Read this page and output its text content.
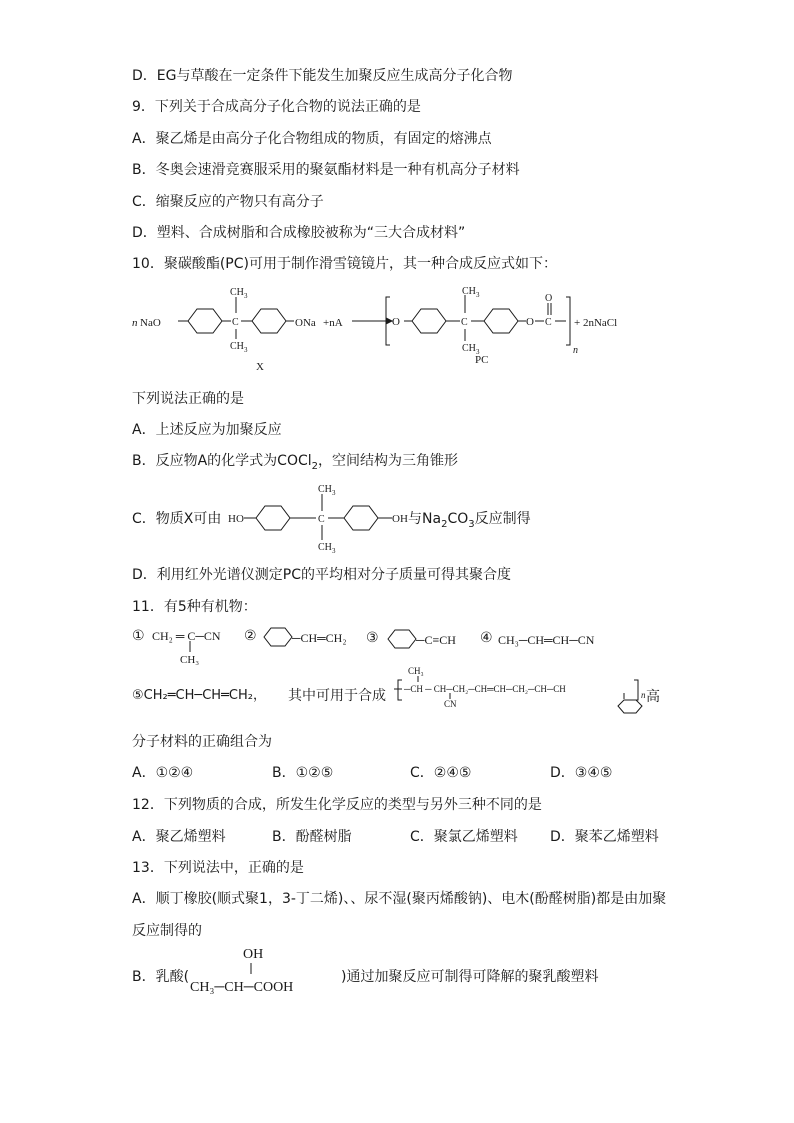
D．EG与草酸在一定条件下能发生加聚反应生成高分子化合物
9．下列关于合成高分子化合物的说法正确的是
A．聚乙烯是由高分子化合物组成的物质，有固定的熔沸点
B．冬奥会速滑竞赛服采用的聚氨酯材料是一种有机高分子材料
C．缩聚反应的产物只有高分子
D．塑料、合成树脂和合成橡胶被称为“三大合成材料”
10．聚碳酸酯(PC)可用于制作滑雪镜镜片，其一种合成反应式如下：
n NaO
CH 3
C
CH 3
ONa +nA
X
O
CH 3
C
CH 3
O
O
C
n
+ 2nNaCl
PC
下列说法正确的是
A．上述反应为加聚反应
B．反应物A的化学式为COCl$_2$，空间结构为三角锥形
C．物质X可由 HO
CH 3
C
CH 3
OH 与$Na_2CO_3$反应制得
D．利用红外光谱仪测定PC的平均相对分子质量可得其聚合度
11．有5种有机物：
① CH₂ ═ C─CN
CH₃
②	─CH═CH₂ ③	─C≡CH ④ CH₃─CH═CH─CN
⑤CH₂═CH─CH═CH₂， 其中可用于合成
CH₃
─CH ─ CH─CH₂─CH═CH─CH₂─CH─CH
CN
n 高
分子材料的正确组合为
A．①②④	B．①②⑤	C．②④⑤	D．③④⑤
12．下列物质的合成，所发生化学反应的类型与另外三种不同的是
A．聚乙烯塑料	B．酚醛树脂	C．聚氯乙烯塑料 D．聚苯乙烯塑料
13．下列说法中，正确的是
A．顺丁橡胶(顺式聚1，3-丁二烯)、、尿不湿(聚丙烯酸钠)、电木(酚醛树脂)都是由加聚
反应制得的
B．乳酸(
OH
CH₃─CH─COOH
)通过加聚反应可制得可降解的聚乳酸塑料
